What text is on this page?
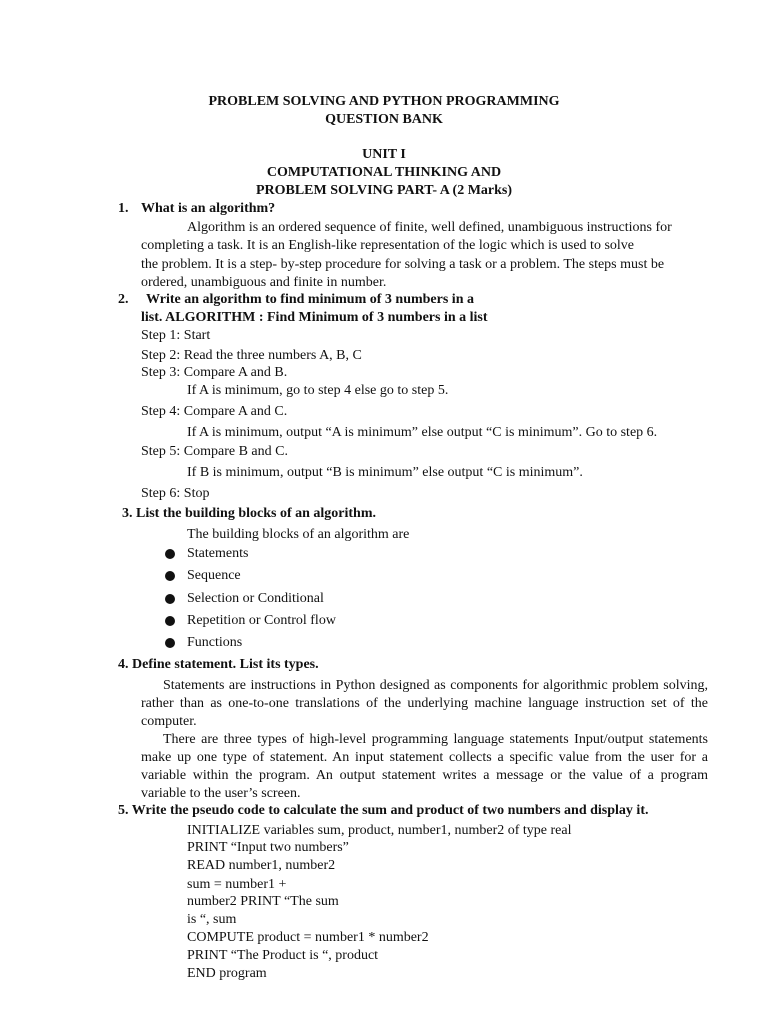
PROBLEM SOLVING AND PYTHON PROGRAMMING
QUESTION BANK
UNIT I
COMPUTATIONAL THINKING AND
PROBLEM SOLVING PART- A (2 Marks)
1. What is an algorithm?
Algorithm is an ordered sequence of finite, well defined, unambiguous instructions for
completing a task. It is an English-like representation of the logic which is used to solve
the problem. It is a step- by-step procedure for solving a task or a problem. The steps must be
ordered, unambiguous and finite in number.
2. Write an algorithm to find minimum of 3 numbers in a
list. ALGORITHM : Find Minimum of 3 numbers in a list
Step 1: Start
Step 2: Read the three numbers A, B, C
Step 3: Compare A and B.
If A is minimum, go to step 4 else go to step 5.
Step 4: Compare A and C.
If A is minimum, output “A is minimum” else output “C is minimum”. Go to step 6.
Step 5: Compare B and C.
If B is minimum, output “B is minimum” else output “C is minimum”.
Step 6: Stop
3. List the building blocks of an algorithm.
The building blocks of an algorithm are
Statements
Sequence
Selection or Conditional
Repetition or Control flow
Functions
4. Define statement. List its types.
Statements are instructions in Python designed as components for algorithmic problem solving, rather than as one-to-one translations of the underlying machine language instruction set of the computer.
There are three types of high-level programming language statements Input/output statements make up one type of statement. An input statement collects a specific value from the user for a variable within the program. An output statement writes a message or the value of a program variable to the user’s screen.
5. Write the pseudo code to calculate the sum and product of two numbers and display it.
INITIALIZE variables sum, product, number1, number2 of type real
PRINT “Input two numbers”
READ number1, number2
sum = number1 +
number2 PRINT “The sum
is “, sum
COMPUTE product = number1 * number2
PRINT “The Product is “, product
END program
